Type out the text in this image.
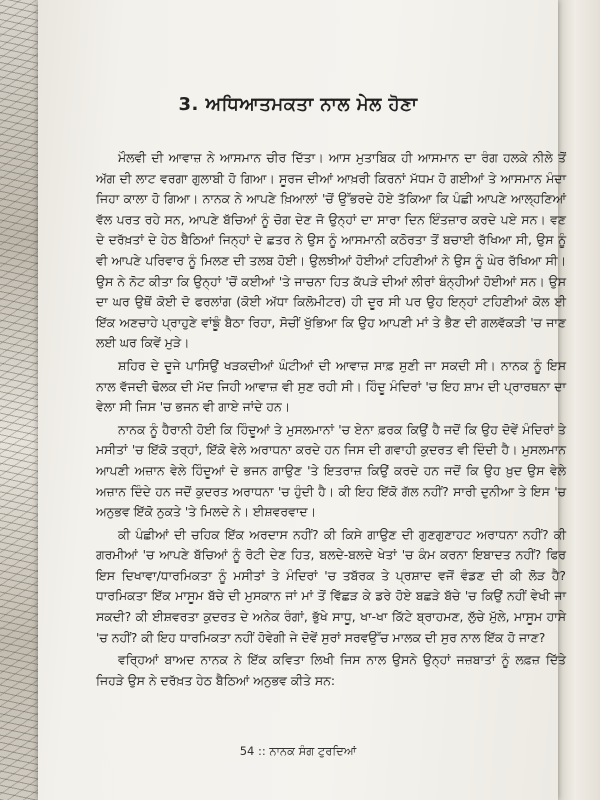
3. ਅਧਿਆਤਮਕਤਾ ਨਾਲ ਮੇਲ ਹੋਣਾ

ਮੌਲਵੀ ਦੀ ਆਵਾਜ਼ ਨੇ ਆਸਮਾਨ ਚੀਰ ਦਿੱਤਾ। ਆਸ ਮੁਤਾਬਿਕ ਹੀ ਆਸਮਾਨ ਦਾ ਰੰਗ ਹਲਕੇ ਨੀਲੇ ਤੋਂ ਅੱਗ ਦੀ ਲਾਟ ਵਰਗਾ ਗੁਲਾਬੀ ਹੋ ਗਿਆ। ਸੂਰਜ ਦੀਆਂ ਆਖ਼ਰੀ ਕਿਰਨਾਂ ਮੱਧਮ ਹੋ ਗਈਆਂ ਤੇ ਆਸਮਾਨ ਮੰਦਾ ਜਿਹਾ ਕਾਲਾ ਹੋ ਗਿਆ। ਨਾਨਕ ਨੇ ਆਪਣੇ ਖ਼ਿਆਲਾਂ 'ਚੋਂ ਉੱਭਰਦੇ ਹੋਏ ਤੱਕਿਆ ਕਿ ਪੰਛੀ ਆਪਣੇ ਆਲ੍ਹਣਿਆਂ ਵੱਲ ਪਰਤ ਰਹੇ ਸਨ, ਆਪਣੇ ਬੱਚਿਆਂ ਨੂੰ ਚੋਗ ਦੇਣ ਜੋ ਉਨ੍ਹਾਂ ਦਾ ਸਾਰਾ ਦਿਨ ਇੰਤਜ਼ਾਰ ਕਰਦੇ ਪਏ ਸਨ। ਵਣ ਦੇ ਦਰੱਖ਼ਤਾਂ ਦੇ ਹੇਠ ਬੈਠਿਆਂ ਜਿਨ੍ਹਾਂ ਦੇ ਛਤਰ ਨੇ ਉਸ ਨੂੰ ਆਸਮਾਨੀ ਕਠੋਰਤਾ ਤੋਂ ਬਚਾਈ ਰੱਖਿਆ ਸੀ, ਉਸ ਨੂੰ ਵੀ ਆਪਣੇ ਪਰਿਵਾਰ ਨੂੰ ਮਿਲਣ ਦੀ ਤਲਬ ਹੋਈ। ਉਲਝੀਆਂ ਹੋਈਆਂ ਟਹਿਣੀਆਂ ਨੇ ਉਸ ਨੂੰ ਘੇਰ ਰੱਖਿਆ ਸੀ। ਉਸ ਨੇ ਨੋਟ ਕੀਤਾ ਕਿ ਉਨ੍ਹਾਂ 'ਚੋਂ ਕਈਆਂ 'ਤੇ ਜਾਚਨਾ ਹਿਤ ਕੱਪੜੇ ਦੀਆਂ ਲੀਰਾਂ ਬੰਨ੍ਹੀਆਂ ਹੋਈਆਂ ਸਨ। ਉਸ ਦਾ ਘਰ ਉਥੋਂ ਕੋਈ ਦੋ ਫਰਲਾਂਗ (ਕੋਈ ਅੱਧਾ ਕਿਲੋਮੀਟਰ) ਹੀ ਦੂਰ ਸੀ ਪਰ ਉਹ ਇਨ੍ਹਾਂ ਟਹਿਣੀਆਂ ਕੋਲ ਈ ਇੱਕ ਅਣਚਾਹੇ ਪ੍ਰਾਹੁਣੇ ਵਾਂਙੂੰ ਬੈਠਾ ਰਿਹਾ, ਸੋਚੀਂ ਖੁੱਭਿਆ ਕਿ ਉਹ ਆਪਣੀ ਮਾਂ ਤੇ ਭੈਣ ਦੀ ਗਲਵੱਕੜੀ 'ਚ ਜਾਣ ਲਈ ਘਰ ਕਿਵੇਂ ਮੁੜੇ।

ਸ਼ਹਿਰ ਦੇ ਦੂਜੇ ਪਾਸਿਉਂ ਖੜਕਦੀਆਂ ਘੰਟੀਆਂ ਦੀ ਆਵਾਜ਼ ਸਾਫ਼ ਸੁਣੀ ਜਾ ਸਕਦੀ ਸੀ। ਨਾਨਕ ਨੂੰ ਇਸ ਨਾਲ ਵੱਜਦੀ ਢੋਲਕ ਦੀ ਮੱਦ ਜਿਹੀ ਆਵਾਜ਼ ਵੀ ਸੁਣ ਰਹੀ ਸੀ। ਹਿੰਦੂ ਮੰਦਿਰਾਂ 'ਚ ਇਹ ਸ਼ਾਮ ਦੀ ਪ੍ਰਾਰਥਨਾ ਦਾ ਵੇਲਾ ਸੀ ਜਿਸ 'ਚ ਭਜਨ ਵੀ ਗਾਏ ਜਾਂਦੇ ਹਨ।

ਨਾਨਕ ਨੂੰ ਹੈਰਾਨੀ ਹੋਈ ਕਿ ਹਿੰਦੂਆਂ ਤੇ ਮੁਸਲਮਾਨਾਂ 'ਚ ਏਨਾ ਫ਼ਰਕ ਕਿਉਂ ਹੈ ਜਦੋਂ ਕਿ ਉਹ ਦੋਵੇਂ ਮੰਦਿਰਾਂ ਤੇ ਮਸੀਤਾਂ 'ਚ ਇੱਕੋ ਤਰ੍ਹਾਂ, ਇੱਕੋ ਵੇਲੇ ਅਰਾਧਨਾ ਕਰਦੇ ਹਨ ਜਿਸ ਦੀ ਗਵਾਹੀ ਕੁਦਰਤ ਵੀ ਦਿੰਦੀ ਹੈ। ਮੁਸਲਮਾਨ ਆਪਣੀ ਅਜ਼ਾਨ ਵੇਲੇ ਹਿੰਦੂਆਂ ਦੇ ਭਜਨ ਗਾਉਣ 'ਤੇ ਇਤਰਾਜ਼ ਕਿਉਂ ਕਰਦੇ ਹਨ ਜਦੋਂ ਕਿ ਉਹ ਖ਼ੁਦ ਉਸ ਵੇਲੇ ਅਜ਼ਾਨ ਦਿੰਦੇ ਹਨ ਜਦੋਂ ਕੁਦਰਤ ਅਰਾਧਨਾ 'ਚ ਹੁੰਦੀ ਹੈ। ਕੀ ਇਹ ਇੱਕੋ ਗੱਲ ਨਹੀਂ? ਸਾਰੀ ਦੁਨੀਆ ਤੇ ਇਸ 'ਚ ਅਨੁਭਵ ਇੱਕੋ ਨੁਕਤੇ 'ਤੇ ਮਿਲਦੇ ਨੇ। ਈਸ਼ਵਰਵਾਦ।

ਕੀ ਪੰਛੀਆਂ ਦੀ ਚਹਿਕ ਇੱਕ ਅਰਦਾਸ ਨਹੀਂ? ਕੀ ਕਿਸੇ ਗਾਉਣ ਦੀ ਗੁਣਗੁਣਾਹਟ ਅਰਾਧਨਾ ਨਹੀਂ? ਕੀ ਗਰਮੀਆਂ 'ਚ ਆਪਣੇ ਬੱਚਿਆਂ ਨੂੰ ਰੋਟੀ ਦੇਣ ਹਿਤ, ਬਲਦੇ-ਬਲਦੇ ਖੇਤਾਂ 'ਚ ਕੰਮ ਕਰਨਾ ਇਬਾਦਤ ਨਹੀਂ? ਫਿਰ ਇਸ ਦਿਖਾਵਾ/ਧਾਰਮਿਕਤਾ ਨੂੰ ਮਸੀਤਾਂ ਤੇ ਮੰਦਿਰਾਂ 'ਚ ਤਬੱਰਕ ਤੇ ਪ੍ਰਸ਼ਾਦ ਵਜੋਂ ਵੰਡਣ ਦੀ ਕੀ ਲੋੜ ਹੈ? ਧਾਰਮਿਕਤਾ ਇੱਕ ਮਾਸੂਮ ਬੱਚੇ ਦੀ ਮੁਸਕਾਨ ਜਾਂ ਮਾਂ ਤੋਂ ਵਿੱਛੜ ਕੇ ਡਰੇ ਹੋਏ ਬਛੜੇ ਬੱਚੇ 'ਚ ਕਿਉਂ ਨਹੀਂ ਵੇਖੀ ਜਾ ਸਕਦੀ? ਕੀ ਈਸ਼ਵਰਤਾ ਕੁਦਰਤ ਦੇ ਅਨੇਕ ਰੰਗਾਂ, ਭੁੱਖੇ ਸਾਧੂ, ਖਾ-ਖਾ ਕਿੱਟੇ ਬ੍ਰਾਹਮਣ, ਲੁੱਚੇ ਮੁੱਲੇ, ਮਾਸੂਮ ਹਾਸੇ 'ਚ ਨਹੀਂ? ਕੀ ਇਹ ਧਾਰਮਿਕਤਾ ਨਹੀਂ ਹੋਵੇਗੀ ਜੇ ਦੋਵੇਂ ਸੁਰਾਂ ਸਰਵਉੱਚ ਮਾਲਕ ਦੀ ਸੁਰ ਨਾਲ ਇੱਕ ਹੋ ਜਾਣ?

ਵਰ੍ਹਿਆਂ ਬਾਅਦ ਨਾਨਕ ਨੇ ਇੱਕ ਕਵਿਤਾ ਲਿਖੀ ਜਿਸ ਨਾਲ ਉਸਨੇ ਉਨ੍ਹਾਂ ਜਜ਼ਬਾਤਾਂ ਨੂੰ ਲਫ਼ਜ਼ ਦਿੱਤੇ ਜਿਹੜੇ ਉਸ ਨੇ ਦਰੱਖ਼ਤ ਹੇਠ ਬੈਠਿਆਂ ਅਨੁਭਵ ਕੀਤੇ ਸਨ:

54 :: ਨਾਨਕ ਸੰਗ ਟੁਰਦਿਆਂ
